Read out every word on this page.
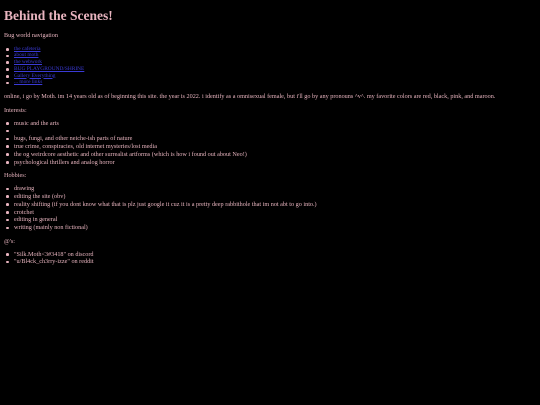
Behind the Scenes!

Bug world navigation

the cafeteria
about moth
the webwork
BUG PLAYGROUND/SHRINE
Gallery Everything
... more links

online, i go by Moth. im 14 years old as of beginning this site. the year is 2022. i identify as a omnisexual female, but i'll go by any pronouns ^v^. my favorite colors are red, black, pink, and maroon.

Interests:

music and the arts
bugs, fungi, and other neiche-ish parts of nature
true crime, conspiracies, old internet mysteries/lost media
the og weirdcore aesthetic and other surrealist artforms (which is how i found out about Neo!)
psychological thrillers and analog horror

Hobbies:

drawing
editing the site (obv)
reality shifting (if you dont know what that is plz just google it cuz it is a pretty deep rabbithole that im not abt to go into.)
crotchet
editing in general
writing (mainly non fictional)

@'s:

"Silk.Moth<3#3418" on discord
"u/Bl4ck_ch3rry-izze" on reddit
